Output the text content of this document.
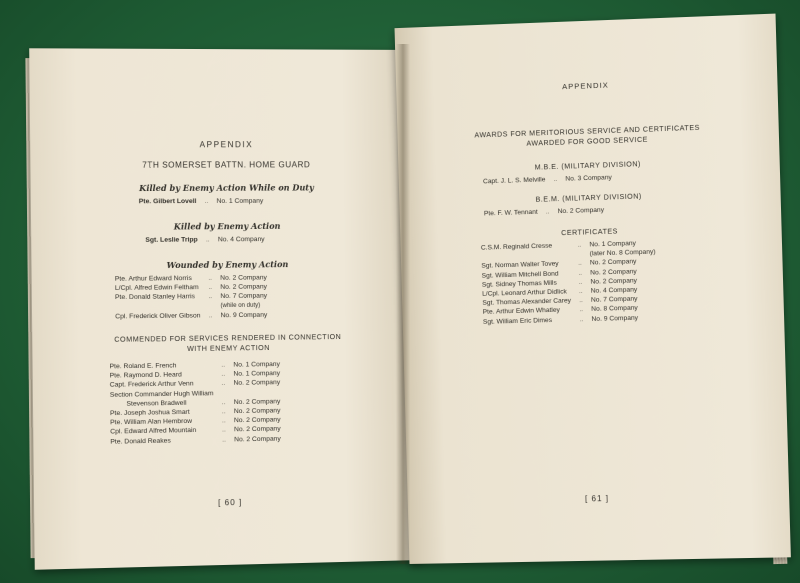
APPENDIX
7TH SOMERSET BATTN. HOME GUARD
Killed by Enemy Action While on Duty
Pte. Gilbert Lovell	..	No. 1 Company
Killed by Enemy Action
Sgt. Leslie Tripp	..	No. 4 Company
Wounded by Enemy Action
Pte. Arthur Edward Norris	..	No. 2 Company
L/Cpl. Alfred Edwin Feltham	..	No. 2 Company
Pte. Donald Stanley Harris	..	No. 7 Company
		(while on duty)
Cpl. Frederick Oliver Gibson	..	No. 9 Company
COMMENDED FOR SERVICES RENDERED IN CONNECTION
WITH ENEMY ACTION
Pte. Roland E. French	..	No. 1 Company
Pte. Raymond D. Heard	..	No. 1 Company
Capt. Frederick Arthur Venn	..	No. 2 Company
Section Commander Hugh William		
Stevenson Bradwell	..	No. 2 Company
Pte. Joseph Joshua Smart	..	No. 2 Company
Pte. William Alan Hembrow	..	No. 2 Company
Cpl. Edward Alfred Mountain	..	No. 2 Company
Pte. Donald Reakes	..	No. 2 Company
[ 60 ]
APPENDIX
AWARDS FOR MERITORIOUS SERVICE AND CERTIFICATES
AWARDED FOR GOOD SERVICE
M.B.E. (MILITARY DIVISION)
Capt. J. L. S. Melville	..	No. 3 Company
B.E.M. (MILITARY DIVISION)
Pte. F. W. Tennant	..	No. 2 Company
CERTIFICATES
C.S.M. Reginald Cresse	..	No. 1 Company
		(later No. 8 Company)
Sgt. Norman Walter Tovey	..	No. 2 Company
Sgt. William Mitchell Bond	..	No. 2 Company
Sgt. Sidney Thomas Mills	..	No. 2 Company
L/Cpl. Leonard Arthur Didlick	..	No. 4 Company
Sgt. Thomas Alexander Carey	..	No. 7 Company
Pte. Arthur Edwin Whatley	..	No. 8 Company
Sgt. William Eric Dimes	..	No. 9 Company
[ 61 ]
